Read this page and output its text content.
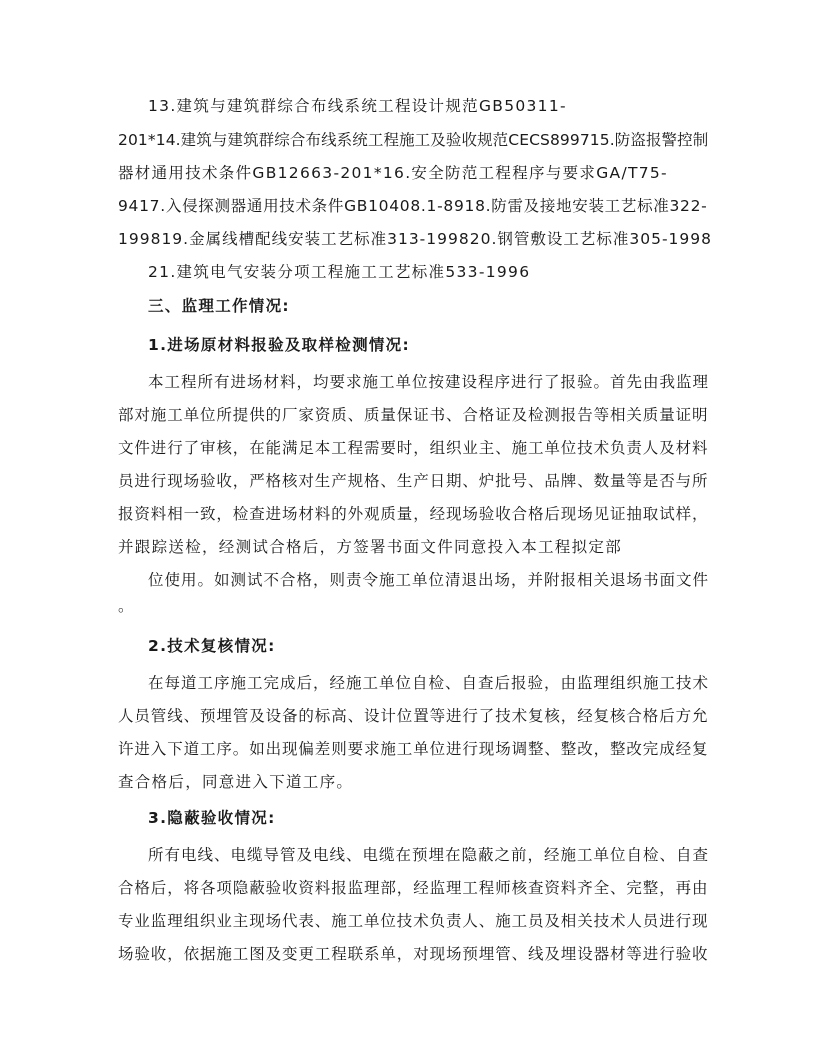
13.建筑与建筑群综合布线系统工程设计规范GB50311-
201*14.建筑与建筑群综合布线系统工程施工及验收规范CECS899715.防盗报警控制
器材通用技术条件GB12663-201*16.安全防范工程程序与要求GA/T75-
9417.入侵探测器通用技术条件GB10408.1-8918.防雷及接地安装工艺标准322-
199819.金属线槽配线安装工艺标准313-199820.钢管敷设工艺标准305-1998
21.建筑电气安装分项工程施工工艺标准533-1996
三、监理工作情况:
1.进场原材料报验及取样检测情况:
本工程所有进场材料，均要求施工单位按建设程序进行了报验。首先由我监理
部对施工单位所提供的厂家资质、质量保证书、合格证及检测报告等相关质量证明
文件进行了审核，在能满足本工程需要时，组织业主、施工单位技术负责人及材料
员进行现场验收，严格核对生产规格、生产日期、炉批号、品牌、数量等是否与所
报资料相一致，检查进场材料的外观质量，经现场验收合格后现场见证抽取试样，
并跟踪送检，经测试合格后，方签署书面文件同意投入本工程拟定部
位使用。如测试不合格，则责令施工单位清退出场，并附报相关退场书面文件
。
2.技术复核情况:
在每道工序施工完成后，经施工单位自检、自查后报验，由监理组织施工技术
人员管线、预埋管及设备的标高、设计位置等进行了技术复核，经复核合格后方允
许进入下道工序。如出现偏差则要求施工单位进行现场调整、整改，整改完成经复
查合格后，同意进入下道工序。
3.隐蔽验收情况:
所有电线、电缆导管及电线、电缆在预埋在隐蔽之前，经施工单位自检、自查
合格后，将各项隐蔽验收资料报监理部，经监理工程师核查资料齐全、完整，再由
专业监理组织业主现场代表、施工单位技术负责人、施工员及相关技术人员进行现
场验收，依据施工图及变更工程联系单，对现场预埋管、线及埋设器材等进行验收
